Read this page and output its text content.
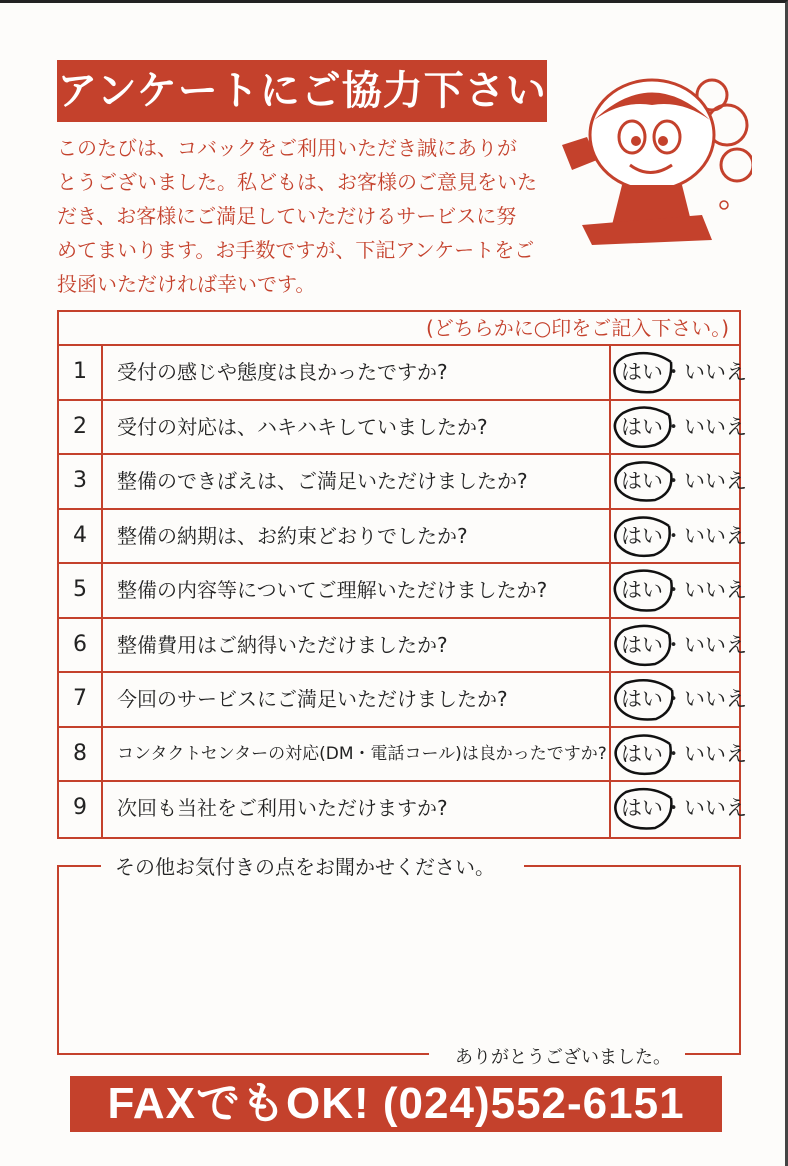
アンケートにご協力下さい
このたびは、コバックをご利用いただき誠にありが
とうございました。私どもは、お客様のご意見をいた
だき、お客様にご満足していただけるサービスに努
めてまいります。お手数ですが、下記アンケートをご
投函いただければ幸いです。
(どちらかに○印をご記入下さい。)
1	受付の感じや態度は良かったですか?	はい・いいえ
2	受付の対応は、ハキハキしていましたか?	はい・いいえ
3	整備のできばえは、ご満足いただけましたか?	はい・いいえ
4	整備の納期は、お約束どおりでしたか?	はい・いいえ
5	整備の内容等についてご理解いただけましたか?	はい・いいえ
6	整備費用はご納得いただけましたか?	はい・いいえ
7	今回のサービスにご満足いただけましたか?	はい・いいえ
8	コンタクトセンターの対応(DM・電話コール)は良かったですか? はい・いいえ
9	次回も当社をご利用いただけますか?	はい・いいえ
その他お気付きの点をお聞かせください。
ありがとうございました。
FAXでもOK! (024)552-6151
